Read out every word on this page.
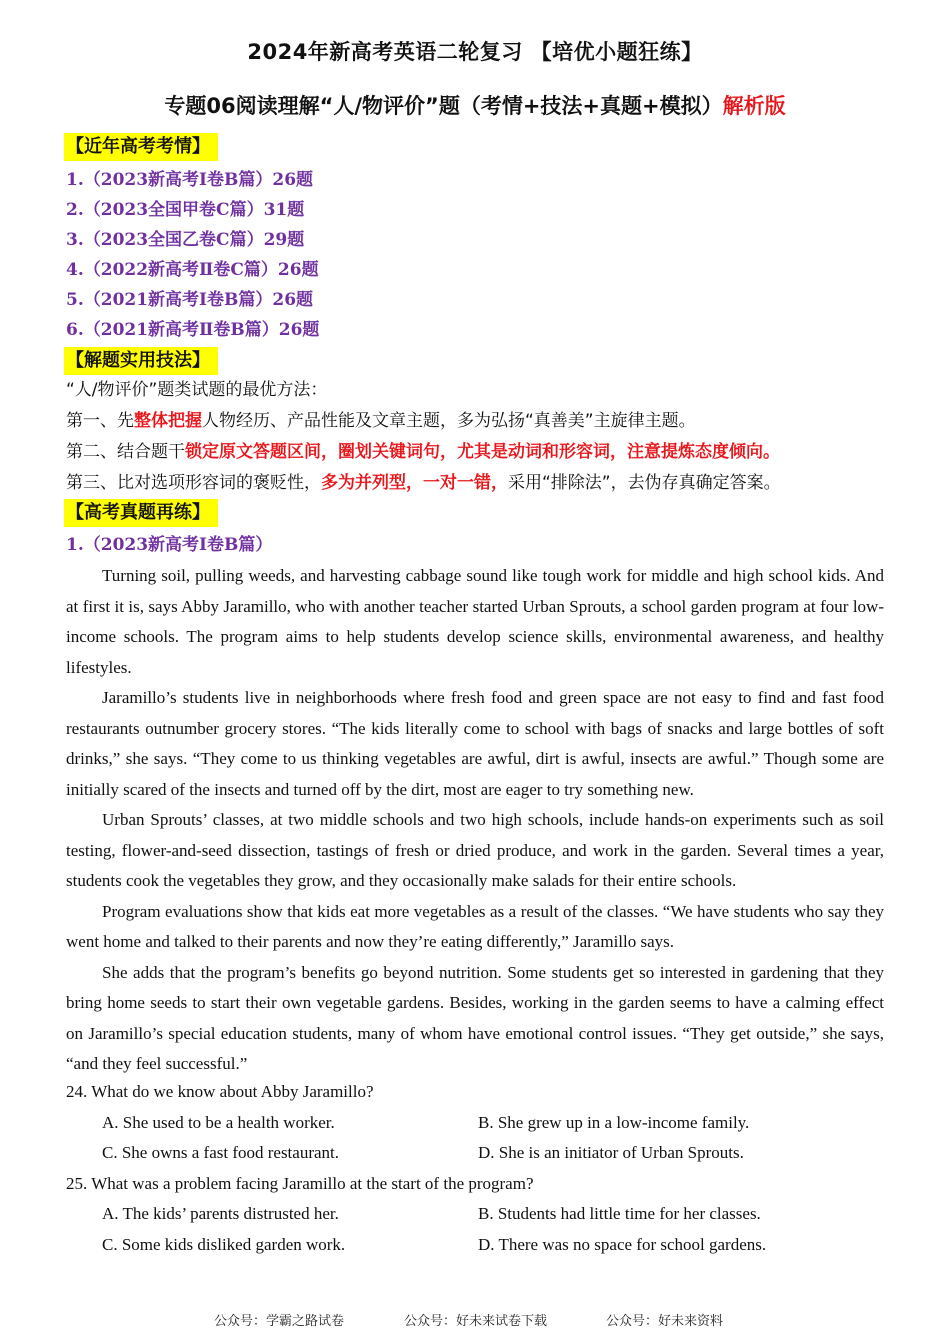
2024年新高考英语二轮复习 【培优小题狂练】
专题06阅读理解“人/物评价”题（考情+技法+真题+模拟）解析版
【近年高考考情】
1.（2023新高考Ⅰ卷B篇）26题
2.（2023全国甲卷C篇）31题
3.（2023全国乙卷C篇）29题
4.（2022新高考Ⅱ卷C篇）26题
5.（2021新高考Ⅰ卷B篇）26题
6.（2021新高考Ⅱ卷B篇）26题
【解题实用技法】
“人/物评价”题类试题的最优方法：
第一、先整体把握人物经历、产品性能及文章主题，多为弘扬“真善美”主旋律主题。
第二、结合题干锁定原文答题区间，圈划关键词句，尤其是动词和形容词，注意提炼态度倾向。
第三、比对选项形容词的褒贬性，多为并列型，一对一错，采用“排除法”，去伪存真确定答案。
【高考真题再练】
1.（2023新高考Ⅰ卷B篇）

Turning soil, pulling weeds, and harvesting cabbage sound like tough work for middle and high school kids. And at first it is, says Abby Jaramillo, who with another teacher started Urban Sprouts, a school garden program at four low-income schools. The program aims to help students develop science skills, environmental awareness, and healthy lifestyles.

Jaramillo’s students live in neighborhoods where fresh food and green space are not easy to find and fast food restaurants outnumber grocery stores. “The kids literally come to school with bags of snacks and large bottles of soft drinks,” she says. “They come to us thinking vegetables are awful, dirt is awful, insects are awful.” Though some are initially scared of the insects and turned off by the dirt, most are eager to try something new.

Urban Sprouts’ classes, at two middle schools and two high schools, include hands-on experiments such as soil testing, flower-and-seed dissection, tastings of fresh or dried produce, and work in the garden. Several times a year, students cook the vegetables they grow, and they occasionally make salads for their entire schools.

Program evaluations show that kids eat more vegetables as a result of the classes. “We have students who say they went home and talked to their parents and now they’re eating differently,” Jaramillo says.

She adds that the program’s benefits go beyond nutrition. Some students get so interested in gardening that they bring home seeds to start their own vegetable gardens. Besides, working in the garden seems to have a calming effect on Jaramillo’s special education students, many of whom have emotional control issues. “They get outside,” she says, “and they feel successful.”

24. What do we know about Abby Jaramillo?
A. She used to be a health worker.	B. She grew up in a low-income family.
C. She owns a fast food restaurant.	D. She is an initiator of Urban Sprouts.
25. What was a problem facing Jaramillo at the start of the program?
A. The kids’ parents distrusted her.	B. Students had little time for her classes.
C. Some kids disliked garden work.	D. There was no space for school gardens.
公众号：学霸之路试卷	公众号：好未来试卷下载	公众号：好未来资料
